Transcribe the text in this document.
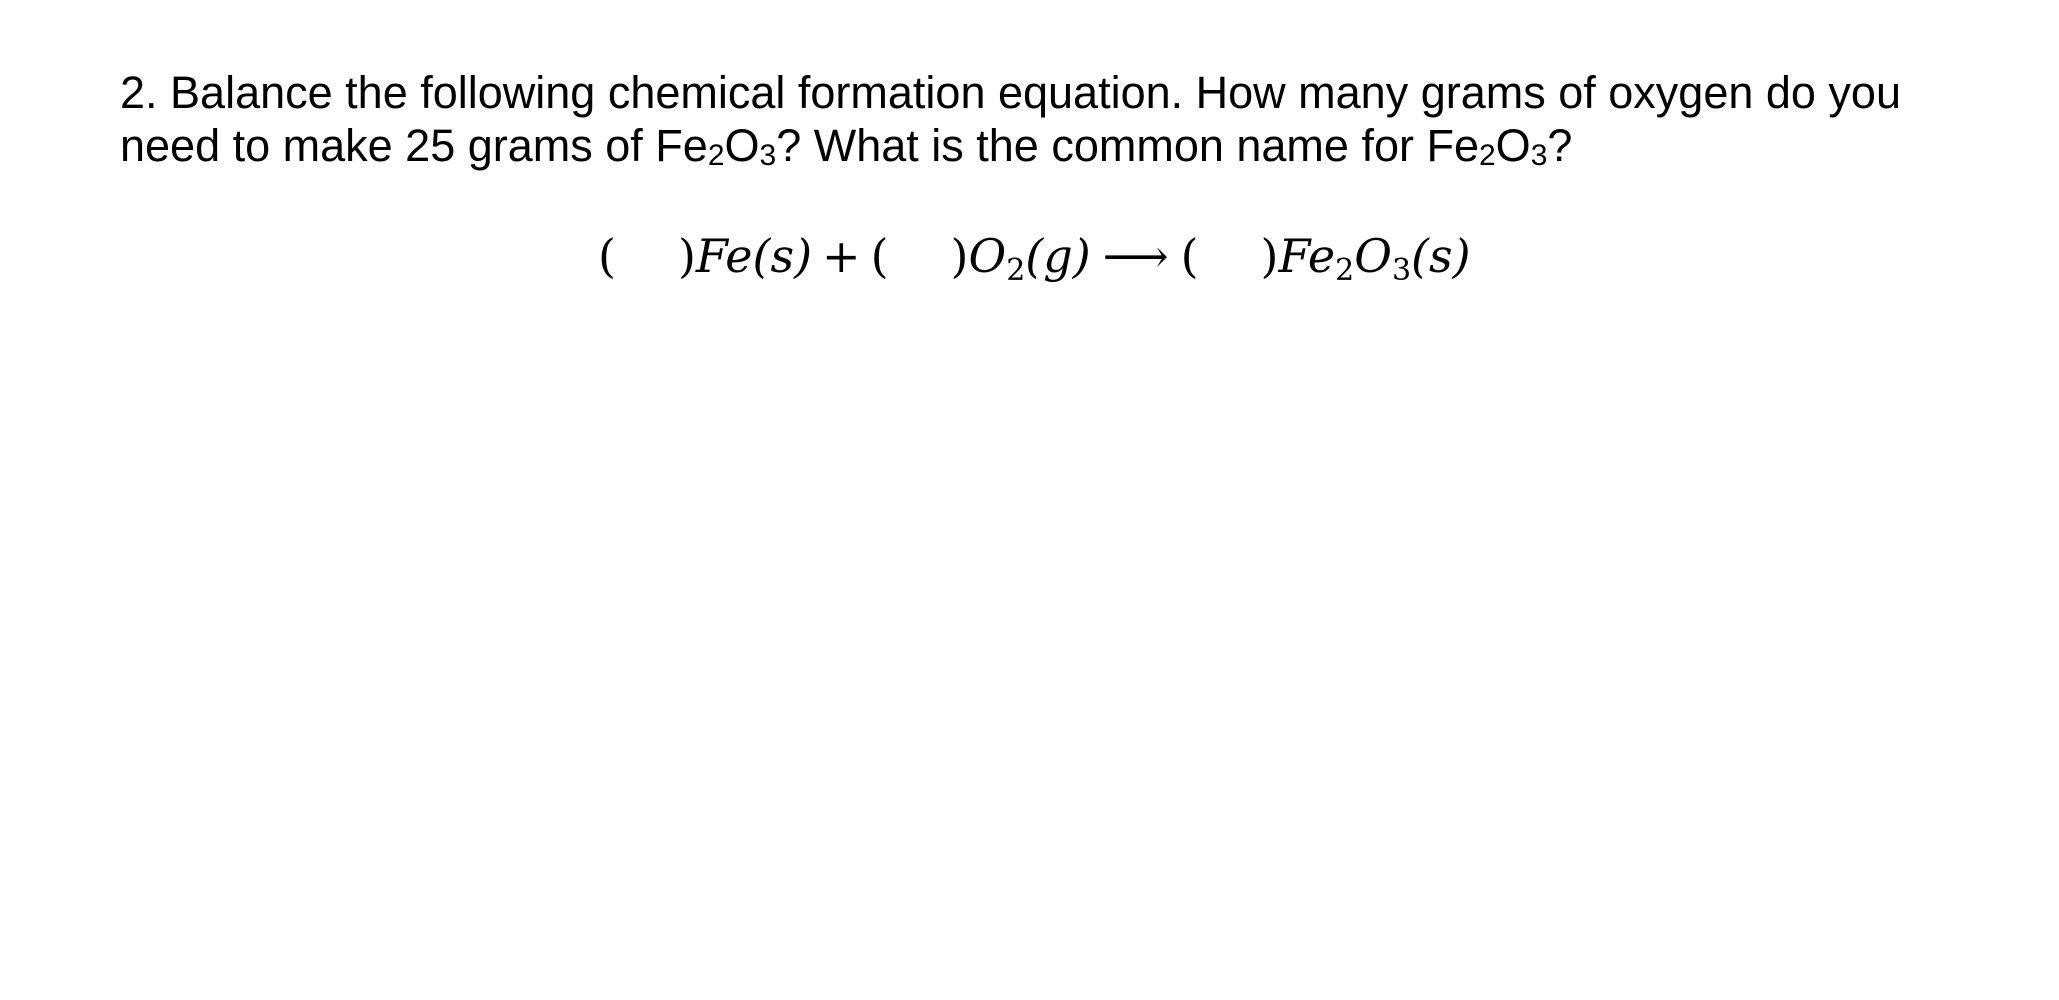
2. Balance the following chemical formation equation. How many grams of oxygen do you need to make 25 grams of $Fe_2O_3$? What is the common name for $Fe_2O_3$?

( )Fe(s) + ( )$O_2(g)$ ⟶ ( )$Fe_2O_3(s)$
